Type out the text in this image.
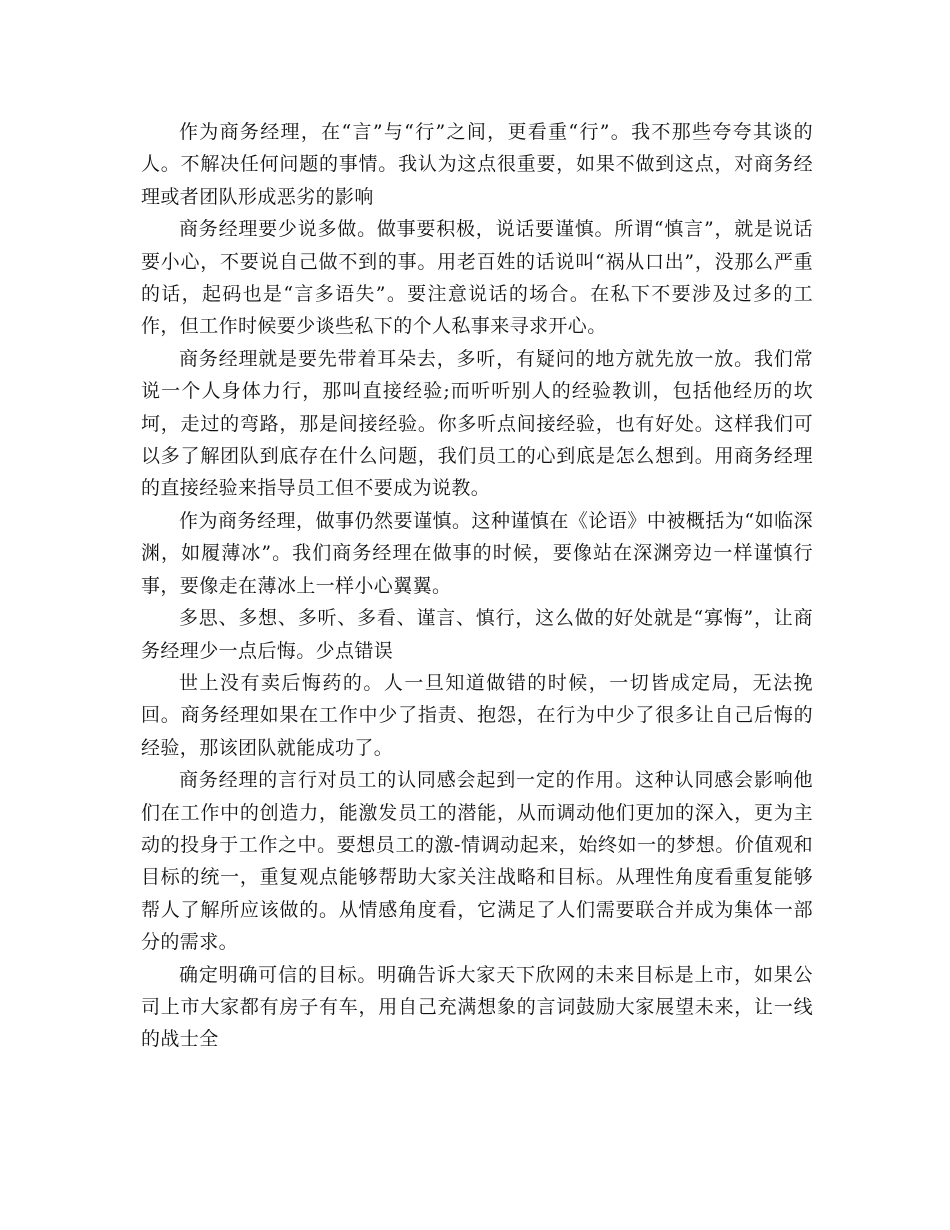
作为商务经理，在“言”与“行”之间，更看重“行”。我不那些夸夸其谈的人。不解决任何问题的事情。我认为这点很重要，如果不做到这点，对商务经理或者团队形成恶劣的影响

商务经理要少说多做。做事要积极，说话要谨慎。所谓“慎言”，就是说话要小心，不要说自己做不到的事。用老百姓的话说叫“祸从口出”，没那么严重的话，起码也是“言多语失”。要注意说话的场合。在私下不要涉及过多的工作，但工作时候要少谈些私下的个人私事来寻求开心。

商务经理就是要先带着耳朵去，多听，有疑问的地方就先放一放。我们常说一个人身体力行，那叫直接经验;而听听别人的经验教训，包括他经历的坎坷，走过的弯路，那是间接经验。你多听点间接经验，也有好处。这样我们可以多了解团队到底存在什么问题，我们员工的心到底是怎么想到。用商务经理的直接经验来指导员工但不要成为说教。

作为商务经理，做事仍然要谨慎。这种谨慎在《论语》中被概括为“如临深渊，如履薄冰”。我们商务经理在做事的时候，要像站在深渊旁边一样谨慎行事，要像走在薄冰上一样小心翼翼。

多思、多想、多听、多看、谨言、慎行，这么做的好处就是“寡悔”，让商务经理少一点后悔。少点错误

世上没有卖后悔药的。人一旦知道做错的时候，一切皆成定局，无法挽回。商务经理如果在工作中少了指责、抱怨，在行为中少了很多让自己后悔的经验，那该团队就能成功了。

商务经理的言行对员工的认同感会起到一定的作用。这种认同感会影响他们在工作中的创造力，能激发员工的潜能，从而调动他们更加的深入，更为主动的投身于工作之中。要想员工的激-情调动起来，始终如一的梦想。价值观和目标的统一，重复观点能够帮助大家关注战略和目标。从理性角度看重复能够帮人了解所应该做的。从情感角度看，它满足了人们需要联合并成为集体一部分的需求。

确定明确可信的目标。明确告诉大家天下欣网的未来目标是上市，如果公司上市大家都有房子有车，用自己充满想象的言词鼓励大家展望未来，让一线的战士全
